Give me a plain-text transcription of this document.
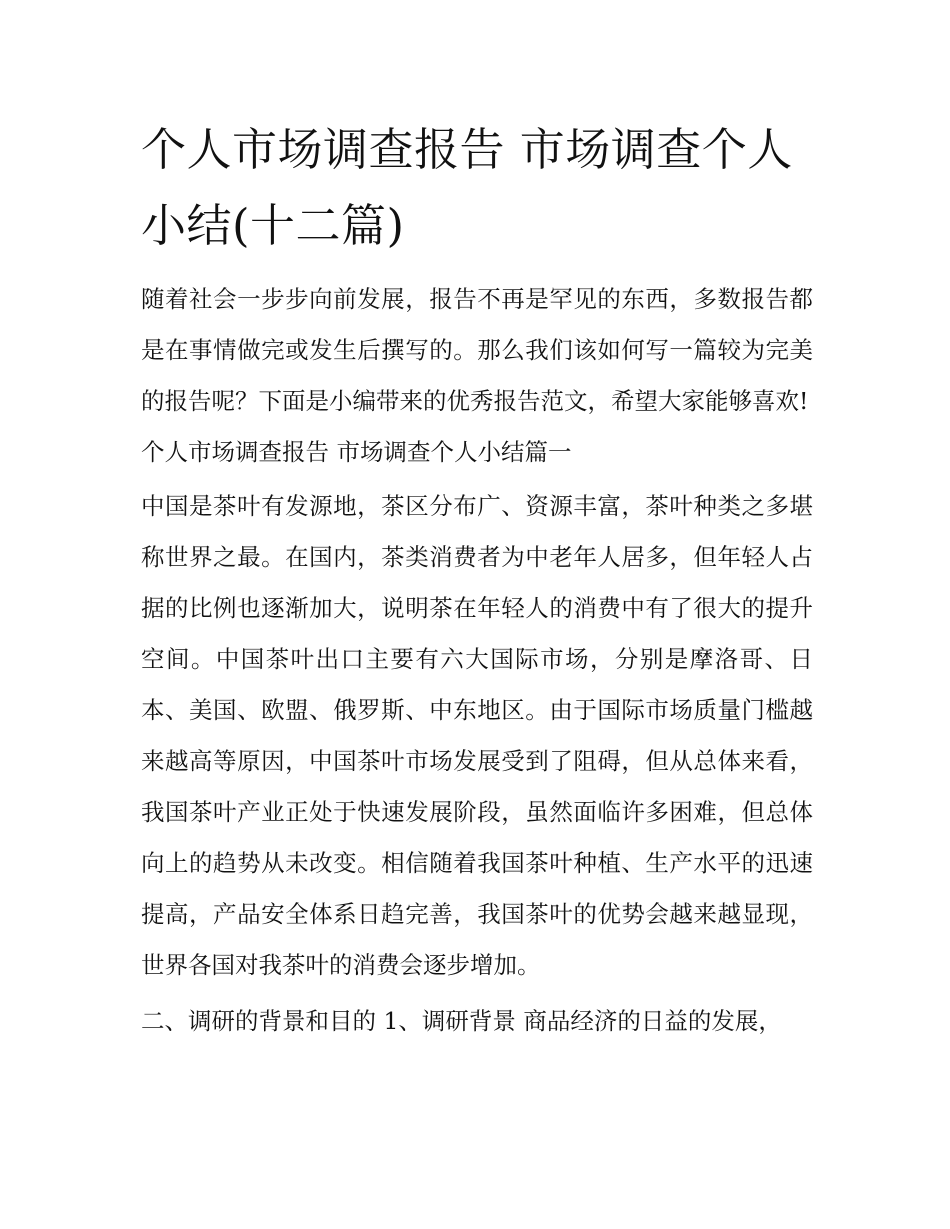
个人市场调查报告 市场调查个人小结(十二篇)

随着社会一步步向前发展，报告不再是罕见的东西，多数报告都是在事情做完或发生后撰写的。那么我们该如何写一篇较为完美的报告呢？下面是小编带来的优秀报告范文，希望大家能够喜欢!

个人市场调查报告 市场调查个人小结篇一

中国是茶叶有发源地，茶区分布广、资源丰富，茶叶种类之多堪称世界之最。在国内，茶类消费者为中老年人居多，但年轻人占据的比例也逐渐加大，说明茶在年轻人的消费中有了很大的提升空间。中国茶叶出口主要有六大国际市场，分别是摩洛哥、日本、美国、欧盟、俄罗斯、中东地区。由于国际市场质量门槛越来越高等原因，中国茶叶市场发展受到了阻碍，但从总体来看，我国茶叶产业正处于快速发展阶段，虽然面临许多困难，但总体向上的趋势从未改变。相信随着我国茶叶种植、生产水平的迅速提高，产品安全体系日趋完善，我国茶叶的优势会越来越显现，世界各国对我茶叶的消费会逐步增加。

二、调研的背景和目的 1、调研背景 商品经济的日益的发展，
